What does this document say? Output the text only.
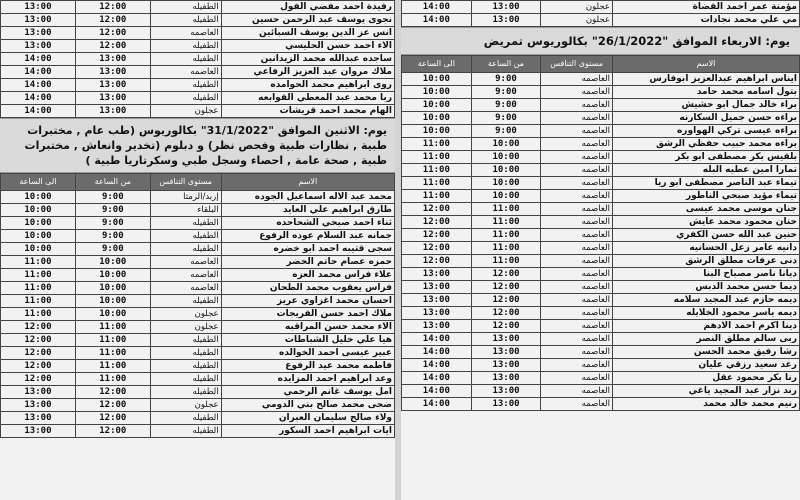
رفيدة احمد مفضي الفول	الطفيله	12:00	13:00
نجوى يوسف عبد الرحمن حسين	الطفيله	12:00	13:00
انس عز الدين يوسف السبائين	العاصمه	12:00	13:00
الاء احمد حسن الحليسي	الطفيله	12:00	13:00
ساجده عبدالله محمد الزيدانين	الطفيله	13:00	14:00
ملاك مروان عبد العزيز الرفاعي	العاصمه	13:00	14:00
روى ابراهيم محمد الحوامده	الطفيله	13:00	14:00
ربا محمد عبد المعطي القوابعه	الطفيله	13:00	14:00
الهام محمد احمد قريشات	عجلون	13:00	14:00
يوم: الاثنين الموافق "31/1/2022" بكالوريوس (طب عام , مختبرات طبية , نظارات طبية وفحص نظر) و دبلوم (تخدير وانعاش , مختبرات طبية , صحة عامة , احصاء وسجل طبي وسكرتاريا طبية )
الاسم	مستوى التنافس	من الساعة	الى الساعة
محمد عبد الاله اسماعيل الجوده	إربد/الرمثا	9:00	10:00
طارق ابراهيم علي العايد	البلقاء	9:00	10:00
ثناء احمد صبحي الشحاحده	الطفيله	9:00	10:00
جمانه عبد السلام عوده الرفوع	الطفيله	9:00	10:00
سجى قتيبه احمد ابو خضره	الطفيله	9:00	10:00
حمزه عصام حاتم الخضر	العاصمه	10:00	11:00
علاء فراس محمد العزه	العاصمه	10:00	11:00
فراس يعقوب محمد الطحان	العاصمه	10:00	11:00
احسان محمد اغزاوي عريز	الطفيله	10:00	11:00
ملاك احمد حسن القريجات	عجلون	10:00	11:00
الاء محمد حسن المراقبه	عجلون	11:00	12:00
هيا علي خليل الشباطات	الطفيله	11:00	12:00
عبير عيسى احمد الخوالده	الطفيله	11:00	12:00
فاطمه محمد عيد الرفوع	الطفيله	11:00	12:00
وعد ابراهيم احمد المزايده	الطفيله	11:00	12:00
امل يوسف غانم الرحمي	الطفيله	12:00	13:00
ضحى محمد صالح بني الدومي	عجلون	12:00	13:00
ولاء صالح سليمان العبران	الطفيله	12:00	13:00
ايات ابراهيم احمد السكور	الطفيله	12:00	13:00
مؤمنة عمر احمد القضاة	عجلون	13:00	14:00
مي علي محمد نجادات	عجلون	13:00	14:00
يوم: الاربعاء الموافق "26/1/2022" بكالوريوس تمريض
الاسم	مستوى التنافس	من الساعة	الى الساعة
ايناس ابراهيم عبدالعزيز ابوفارس	العاصمه	9:00	10:00
بتول اسامه محمد حامد	العاصمه	9:00	10:00
براء خالد جمال ابو حشيش	العاصمه	9:00	10:00
براءه حسن جميل السكارنه	العاصمه	9:00	10:00
براءه عيسى تركي الهواوره	العاصمه	9:00	10:00
براءه محمد حبيب حفظي الرشق	العاصمه	10:00	11:00
بلقيس بكر مصطفى ابو بكر	العاصمه	10:00	11:00
تمارا امين عطيه البله	العاصمه	10:00	11:00
تيماء عبد الناصر مصطفى ابو ريا	العاصمه	10:00	11:00
تيماء مؤيد صبحي الناطور	العاصمه	10:00	11:00
جنان موسى محمد عيسى	العاصمه	11:00	12:00
حنان محمود محمد عايش	العاصمه	11:00	12:00
حنين عبد الله حسن الكفري	العاصمه	11:00	12:00
دانيه عامر زعل الحسانيه	العاصمه	11:00	12:00
دنى عرفات مطلق الرشق	العاصمه	11:00	12:00
ديانا ناصر مصباح البنا	العاصمه	12:00	13:00
ديما حسن محمد الدبس	العاصمه	12:00	13:00
ديمه حازم عبد المجيد سلامه	العاصمه	12:00	13:00
ديمه ياسر محمود الخلايله	العاصمه	12:00	13:00
دينا اكرم احمد الادهم	العاصمه	12:00	13:00
ربى سالم مطلق النصر	العاصمه	13:00	14:00
رشا رفيق محمد الحسن	العاصمه	13:00	14:00
رغد سعيد رزقي عليان	العاصمه	13:00	14:00
رنا بكر محمود عقل	العاصمه	13:00	14:00
رند نزار عبد المجيد ياغي	العاصمه	13:00	14:00
رنيم محمد خالد محمد	العاصمه	13:00	14:00
